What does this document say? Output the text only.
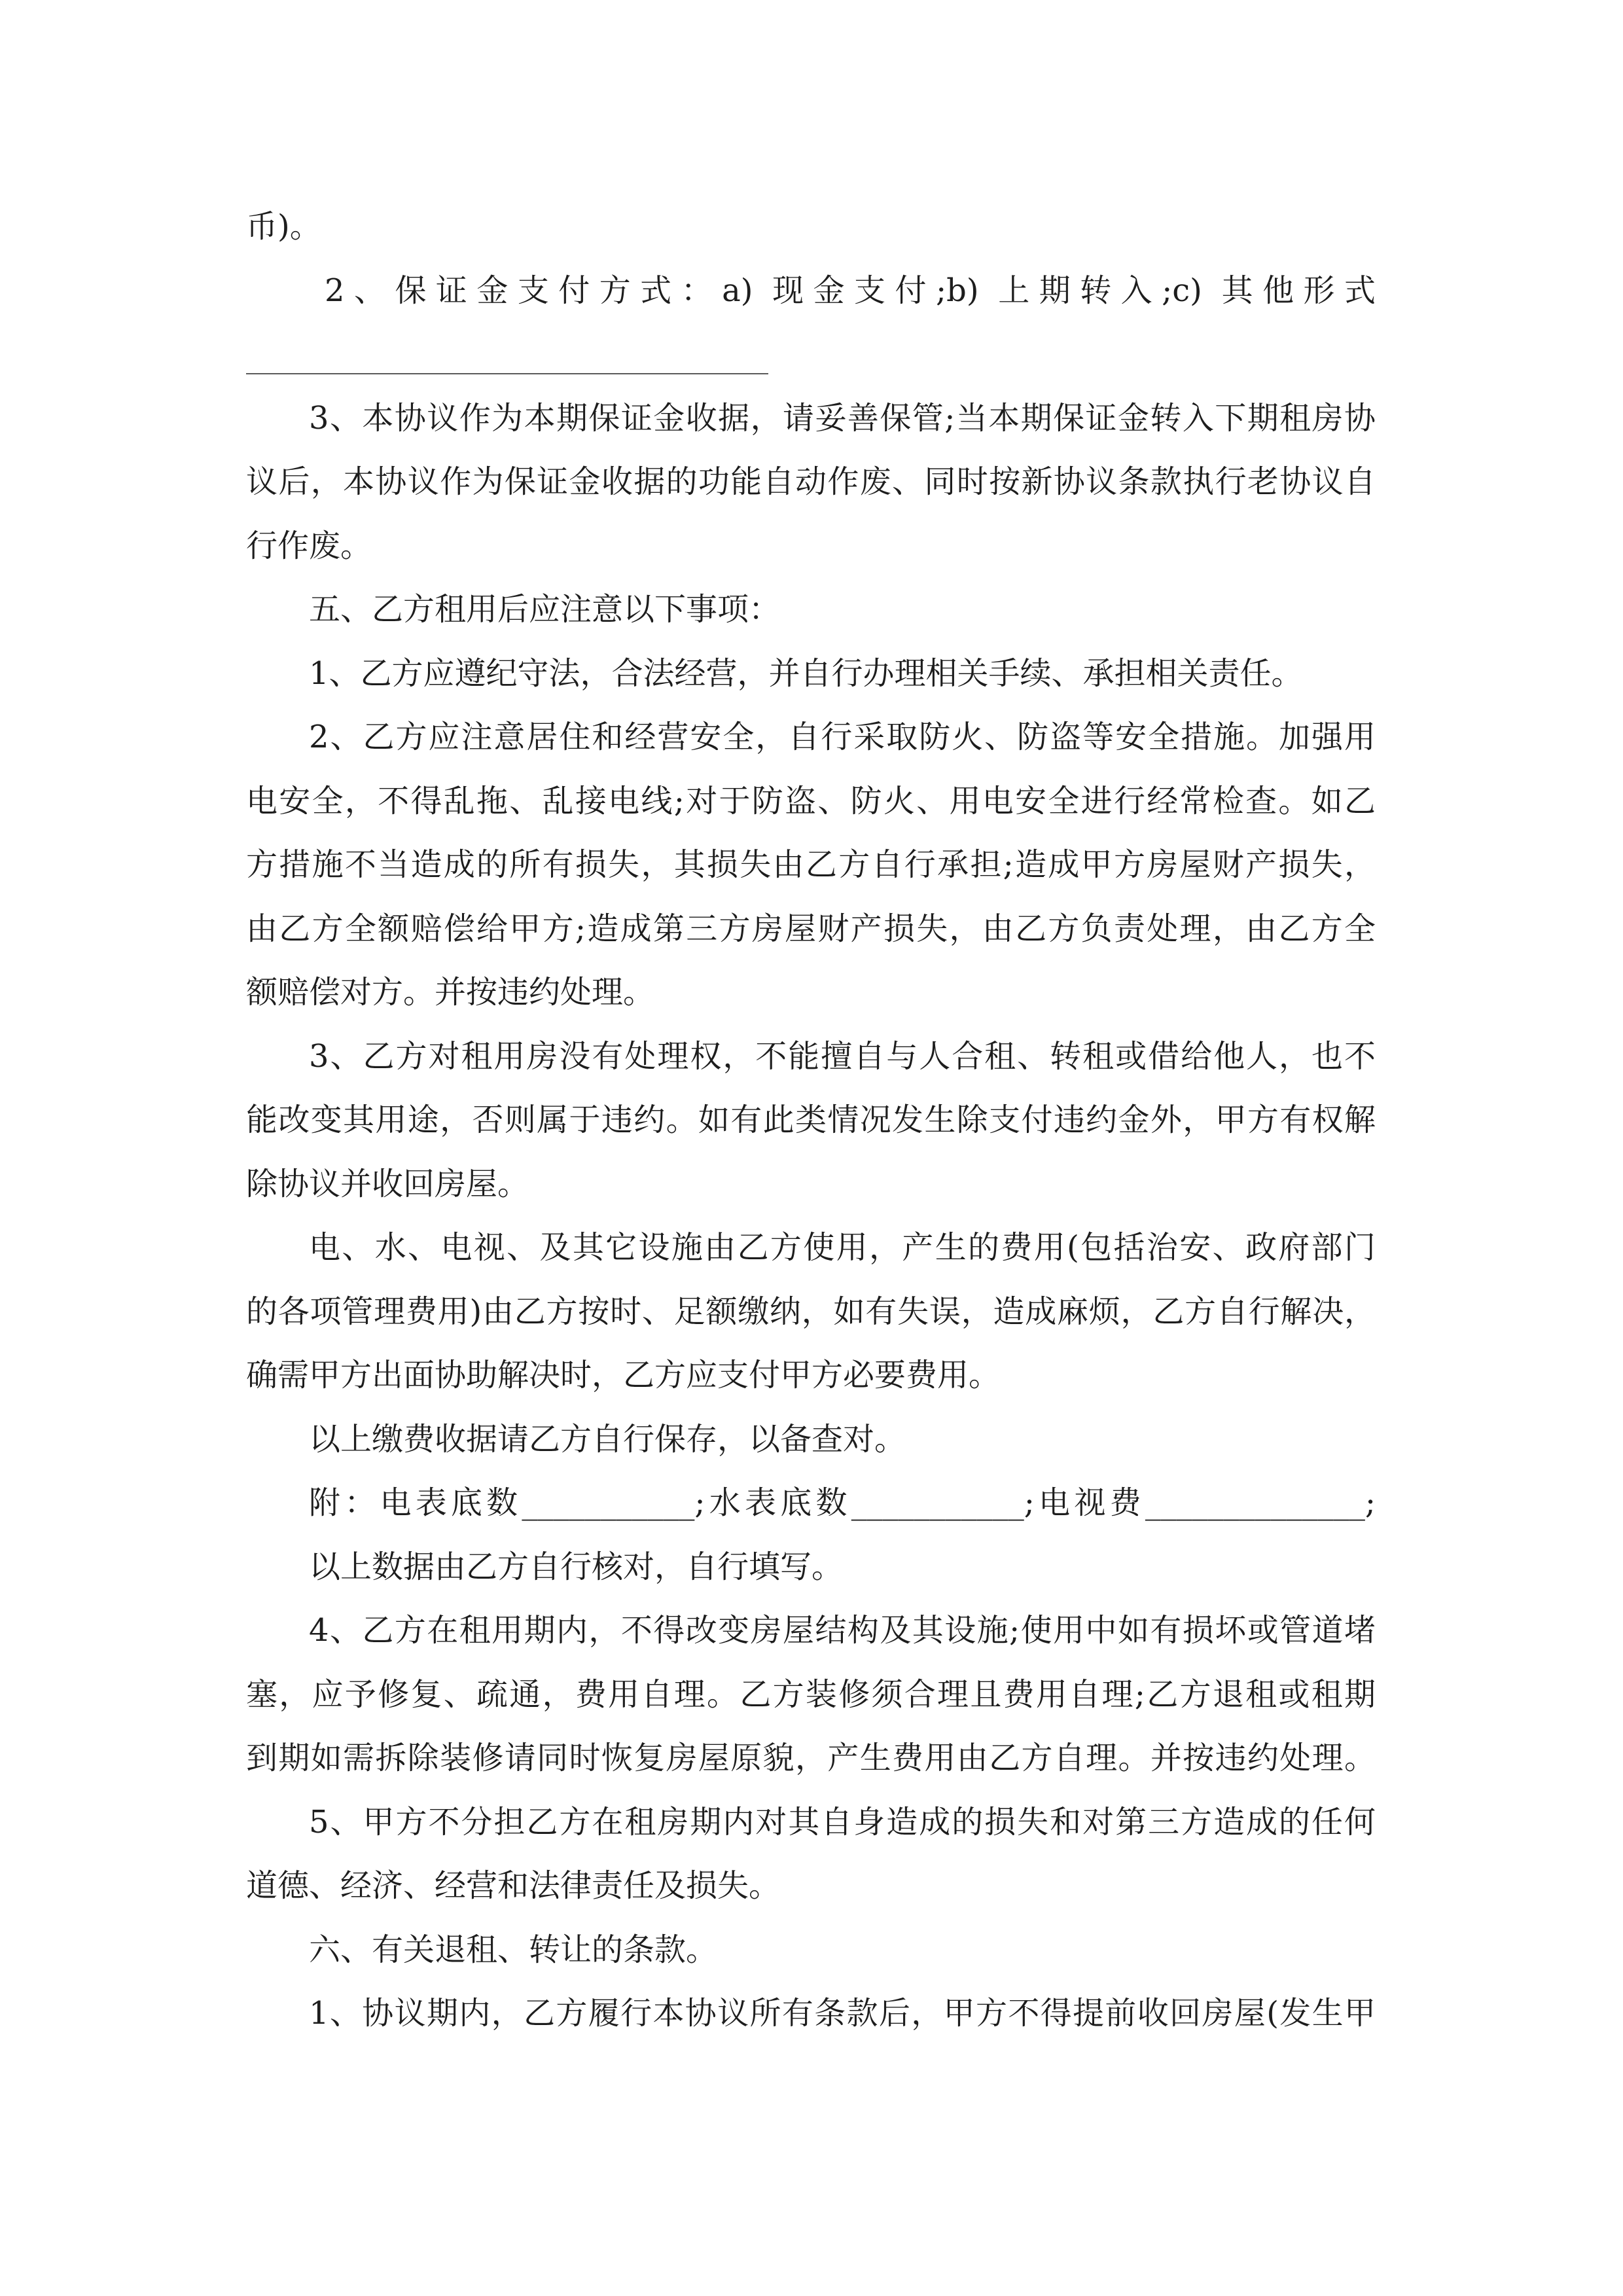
币)。
2、保证金支付方式：a) 现金支付;b) 上期转入;c) 其他形式
3、本协议作为本期保证金收据，请妥善保管;当本期保证金转入下期租房协
议后，本协议作为保证金收据的功能自动作废、同时按新协议条款执行老协议自
行作废。
五、乙方租用后应注意以下事项：
1、乙方应遵纪守法，合法经营，并自行办理相关手续、承担相关责任。
2、乙方应注意居住和经营安全，自行采取防火、防盗等安全措施。加强用
电安全，不得乱拖、乱接电线;对于防盗、防火、用电安全进行经常检查。如乙
方措施不当造成的所有损失，其损失由乙方自行承担;造成甲方房屋财产损失，
由乙方全额赔偿给甲方;造成第三方房屋财产损失，由乙方负责处理，由乙方全
额赔偿对方。并按违约处理。
3、乙方对租用房没有处理权，不能擅自与人合租、转租或借给他人，也不
能改变其用途，否则属于违约。如有此类情况发生除支付违约金外，甲方有权解
除协议并收回房屋。
电、水、电视、及其它设施由乙方使用，产生的费用(包括治安、政府部门
的各项管理费用)由乙方按时、足额缴纳，如有失误，造成麻烦，乙方自行解决，
确需甲方出面协助解决时，乙方应支付甲方必要费用。
以上缴费收据请乙方自行保存，以备查对。
附：电表底数___________;水表底数___________;电视费______________;
以上数据由乙方自行核对，自行填写。
4、乙方在租用期内，不得改变房屋结构及其设施;使用中如有损坏或管道堵
塞，应予修复、疏通，费用自理。乙方装修须合理且费用自理;乙方退租或租期
到期如需拆除装修请同时恢复房屋原貌，产生费用由乙方自理。并按违约处理。
5、甲方不分担乙方在租房期内对其自身造成的损失和对第三方造成的任何
道德、经济、经营和法律责任及损失。
六、有关退租、转让的条款。
1、协议期内，乙方履行本协议所有条款后，甲方不得提前收回房屋(发生甲
